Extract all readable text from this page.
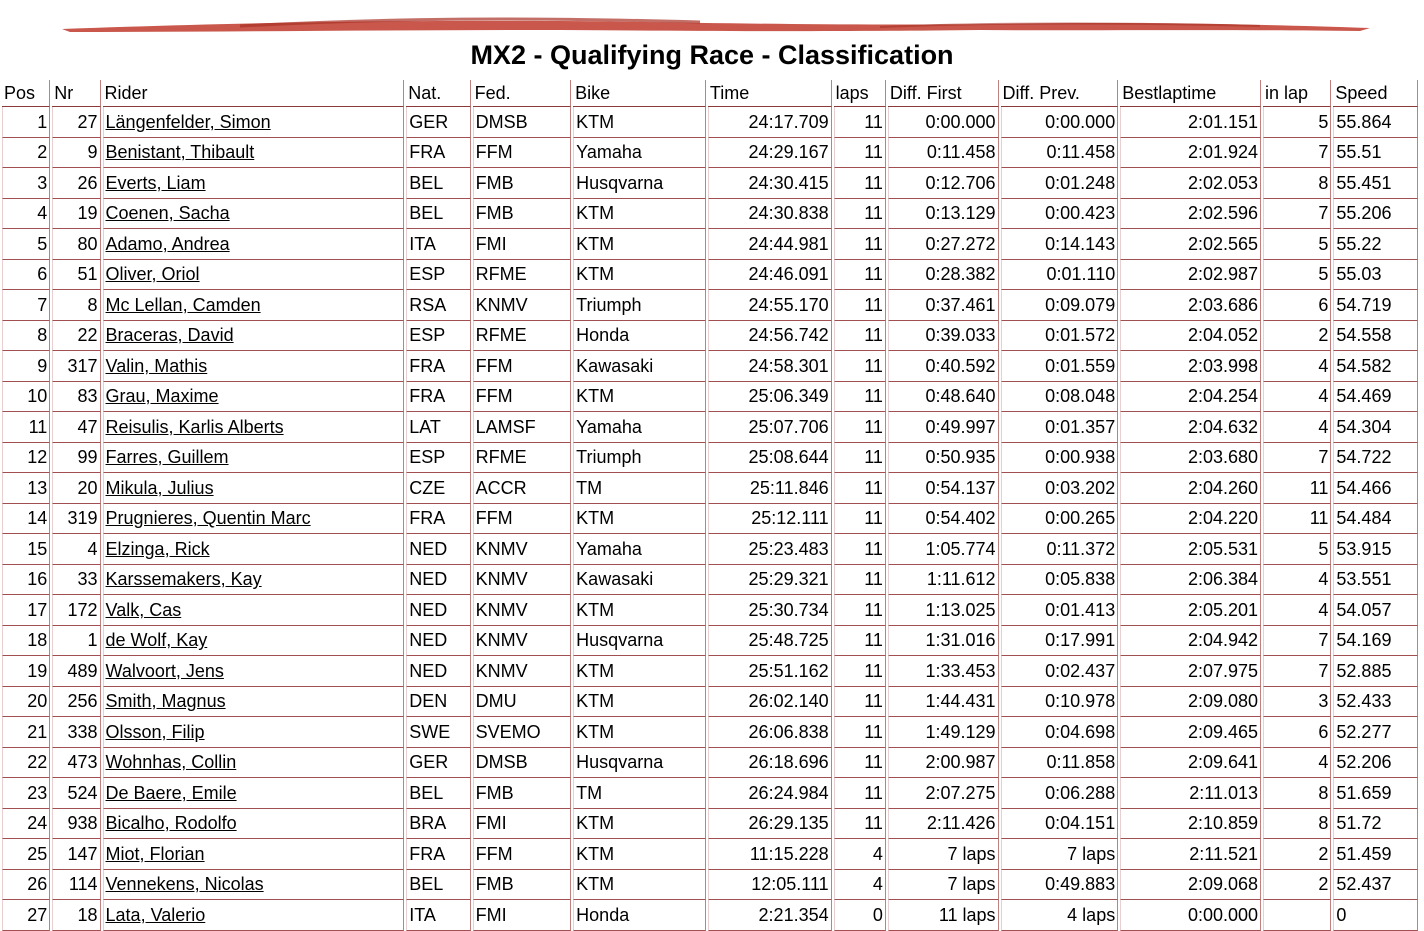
MX2 - Qualifying Race - Classification
Pos	Nr	Rider	Nat.	Fed.	Bike	Time	laps	Diff. First	Diff. Prev.	Bestlaptime	in lap	Speed
1	27	Längenfelder, Simon	GER	DMSB	KTM	24:17.709	11	0:00.000	0:00.000	2:01.151	5	55.864
2	9	Benistant, Thibault	FRA	FFM	Yamaha	24:29.167	11	0:11.458	0:11.458	2:01.924	7	55.51
3	26	Everts, Liam	BEL	FMB	Husqvarna	24:30.415	11	0:12.706	0:01.248	2:02.053	8	55.451
4	19	Coenen, Sacha	BEL	FMB	KTM	24:30.838	11	0:13.129	0:00.423	2:02.596	7	55.206
5	80	Adamo, Andrea	ITA	FMI	KTM	24:44.981	11	0:27.272	0:14.143	2:02.565	5	55.22
6	51	Oliver, Oriol	ESP	RFME	KTM	24:46.091	11	0:28.382	0:01.110	2:02.987	5	55.03
7	8	Mc Lellan, Camden	RSA	KNMV	Triumph	24:55.170	11	0:37.461	0:09.079	2:03.686	6	54.719
8	22	Braceras, David	ESP	RFME	Honda	24:56.742	11	0:39.033	0:01.572	2:04.052	2	54.558
9	317	Valin, Mathis	FRA	FFM	Kawasaki	24:58.301	11	0:40.592	0:01.559	2:03.998	4	54.582
10	83	Grau, Maxime	FRA	FFM	KTM	25:06.349	11	0:48.640	0:08.048	2:04.254	4	54.469
11	47	Reisulis, Karlis Alberts	LAT	LAMSF	Yamaha	25:07.706	11	0:49.997	0:01.357	2:04.632	4	54.304
12	99	Farres, Guillem	ESP	RFME	Triumph	25:08.644	11	0:50.935	0:00.938	2:03.680	7	54.722
13	20	Mikula, Julius	CZE	ACCR	TM	25:11.846	11	0:54.137	0:03.202	2:04.260	11	54.466
14	319	Prugnieres, Quentin Marc	FRA	FFM	KTM	25:12.111	11	0:54.402	0:00.265	2:04.220	11	54.484
15	4	Elzinga, Rick	NED	KNMV	Yamaha	25:23.483	11	1:05.774	0:11.372	2:05.531	5	53.915
16	33	Karssemakers, Kay	NED	KNMV	Kawasaki	25:29.321	11	1:11.612	0:05.838	2:06.384	4	53.551
17	172	Valk, Cas	NED	KNMV	KTM	25:30.734	11	1:13.025	0:01.413	2:05.201	4	54.057
18	1	de Wolf, Kay	NED	KNMV	Husqvarna	25:48.725	11	1:31.016	0:17.991	2:04.942	7	54.169
19	489	Walvoort, Jens	NED	KNMV	KTM	25:51.162	11	1:33.453	0:02.437	2:07.975	7	52.885
20	256	Smith, Magnus	DEN	DMU	KTM	26:02.140	11	1:44.431	0:10.978	2:09.080	3	52.433
21	338	Olsson, Filip	SWE	SVEMO	KTM	26:06.838	11	1:49.129	0:04.698	2:09.465	6	52.277
22	473	Wohnhas, Collin	GER	DMSB	Husqvarna	26:18.696	11	2:00.987	0:11.858	2:09.641	4	52.206
23	524	De Baere, Emile	BEL	FMB	TM	26:24.984	11	2:07.275	0:06.288	2:11.013	8	51.659
24	938	Bicalho, Rodolfo	BRA	FMI	KTM	26:29.135	11	2:11.426	0:04.151	2:10.859	8	51.72
25	147	Miot, Florian	FRA	FFM	KTM	11:15.228	4	7 laps	7 laps	2:11.521	2	51.459
26	114	Vennekens, Nicolas	BEL	FMB	KTM	12:05.111	4	7 laps	0:49.883	2:09.068	2	52.437
27	18	Lata, Valerio	ITA	FMI	Honda	2:21.354	0	11 laps	4 laps	0:00.000		0
